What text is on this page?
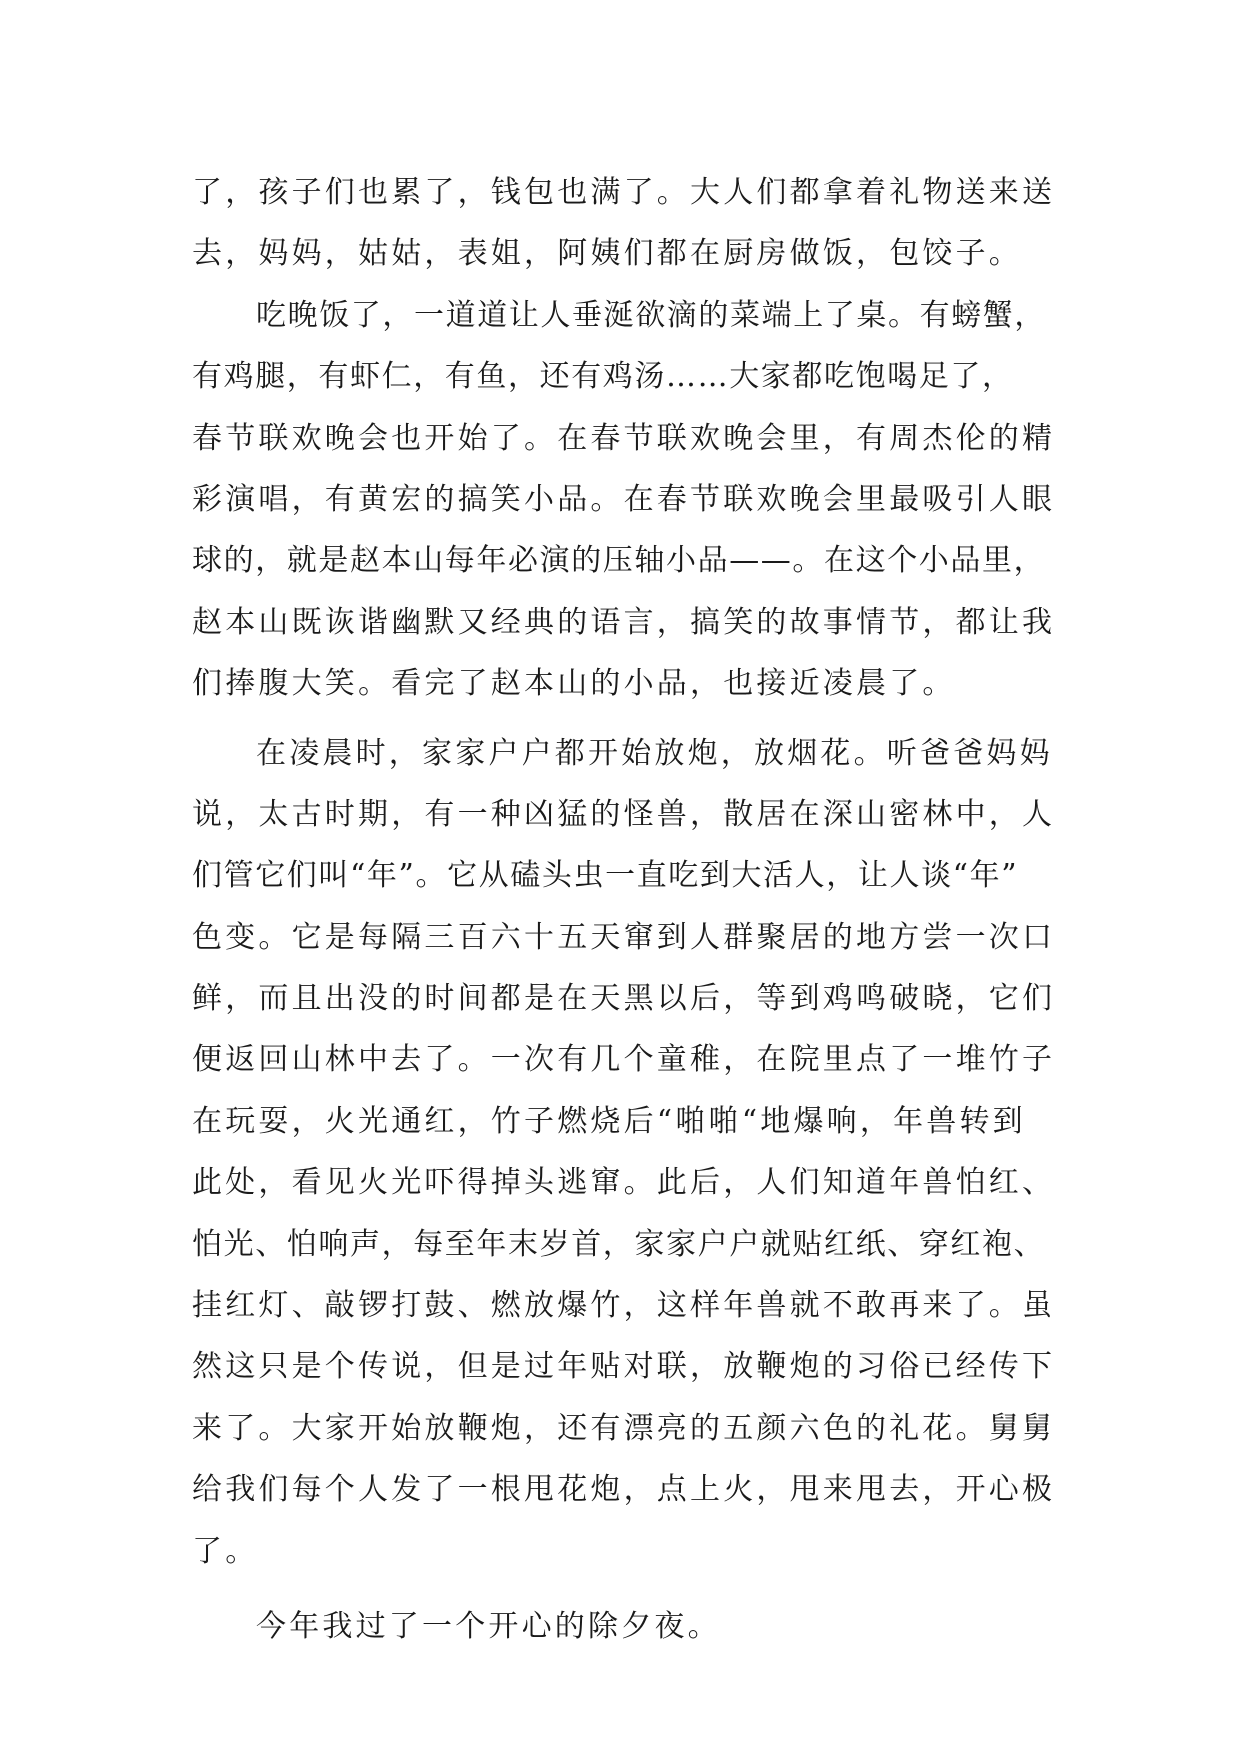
了，孩子们也累了，钱包也满了。大人们都拿着礼物送来送
去，妈妈，姑姑，表姐，阿姨们都在厨房做饭，包饺子。
吃晚饭了，一道道让人垂涎欲滴的菜端上了桌。有螃蟹，
有鸡腿，有虾仁，有鱼，还有鸡汤……大家都吃饱喝足了，
春节联欢晚会也开始了。在春节联欢晚会里，有周杰伦的精
彩演唱，有黄宏的搞笑小品。在春节联欢晚会里最吸引人眼
球的，就是赵本山每年必演的压轴小品——。在这个小品里，
赵本山既诙谐幽默又经典的语言，搞笑的故事情节，都让我
们捧腹大笑。看完了赵本山的小品，也接近凌晨了。
在凌晨时，家家户户都开始放炮，放烟花。听爸爸妈妈
说，太古时期，有一种凶猛的怪兽，散居在深山密林中，人
们管它们叫“年”。它从磕头虫一直吃到大活人，让人谈“年”
色变。它是每隔三百六十五天窜到人群聚居的地方尝一次口
鲜，而且出没的时间都是在天黑以后，等到鸡鸣破晓，它们
便返回山林中去了。一次有几个童稚，在院里点了一堆竹子
在玩耍，火光通红，竹子燃烧后“啪啪“地爆响，年兽转到
此处，看见火光吓得掉头逃窜。此后，人们知道年兽怕红、
怕光、怕响声，每至年末岁首，家家户户就贴红纸、穿红袍、
挂红灯、敲锣打鼓、燃放爆竹，这样年兽就不敢再来了。虽
然这只是个传说，但是过年贴对联，放鞭炮的习俗已经传下
来了。大家开始放鞭炮，还有漂亮的五颜六色的礼花。舅舅
给我们每个人发了一根甩花炮，点上火，甩来甩去，开心极
了。
今年我过了一个开心的除夕夜。
